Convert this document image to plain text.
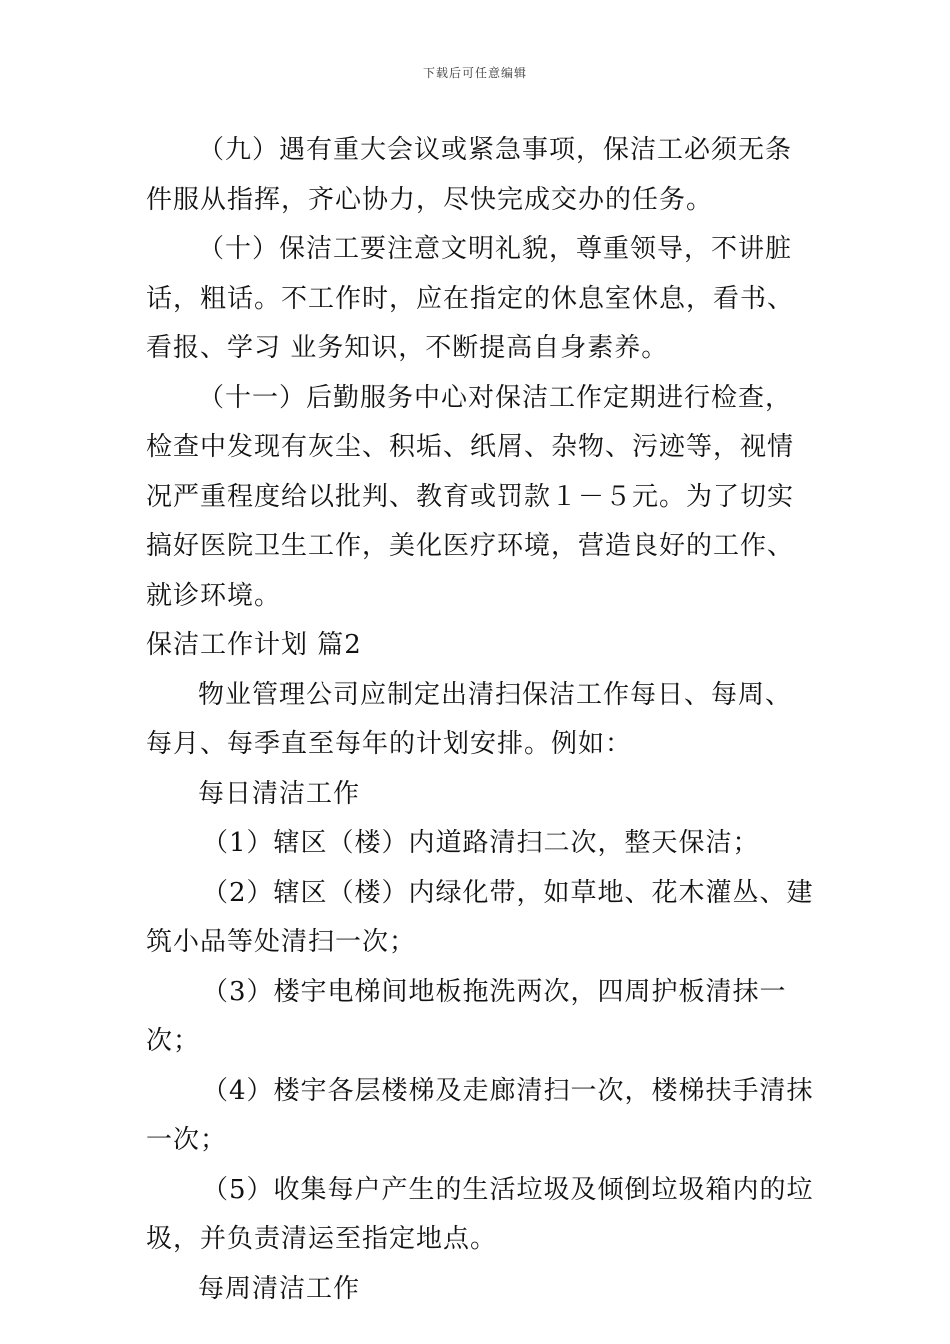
下载后可任意编辑

（九）遇有重大会议或紧急事项，保洁工必须无条件服从指挥，齐心协力，尽快完成交办的任务。

（十）保洁工要注意文明礼貌，尊重领导，不讲脏话，粗话。不工作时，应在指定的休息室休息，看书、看报、学习 业务知识，不断提高自身素养。

（十一）后勤服务中心对保洁工作定期进行检查，检查中发现有灰尘、积垢、纸屑、杂物、污迹等，视情况严重程度给以批判、教育或罚款１－５元。为了切实搞好医院卫生工作，美化医疗环境，营造良好的工作、就诊环境。

保洁工作计划 篇2

物业管理公司应制定出清扫保洁工作每日、每周、每月、每季直至每年的计划安排。例如：

每日清洁工作

（1）辖区（楼）内道路清扫二次，整天保洁；

（2）辖区（楼）内绿化带，如草地、花木灌丛、建筑小品等处清扫一次；

（3）楼宇电梯间地板拖洗两次，四周护板清抹一次；

（4）楼宇各层楼梯及走廊清扫一次，楼梯扶手清抹一次；

（5）收集每户产生的生活垃圾及倾倒垃圾箱内的垃圾，并负责清运至指定地点。

每周清洁工作
